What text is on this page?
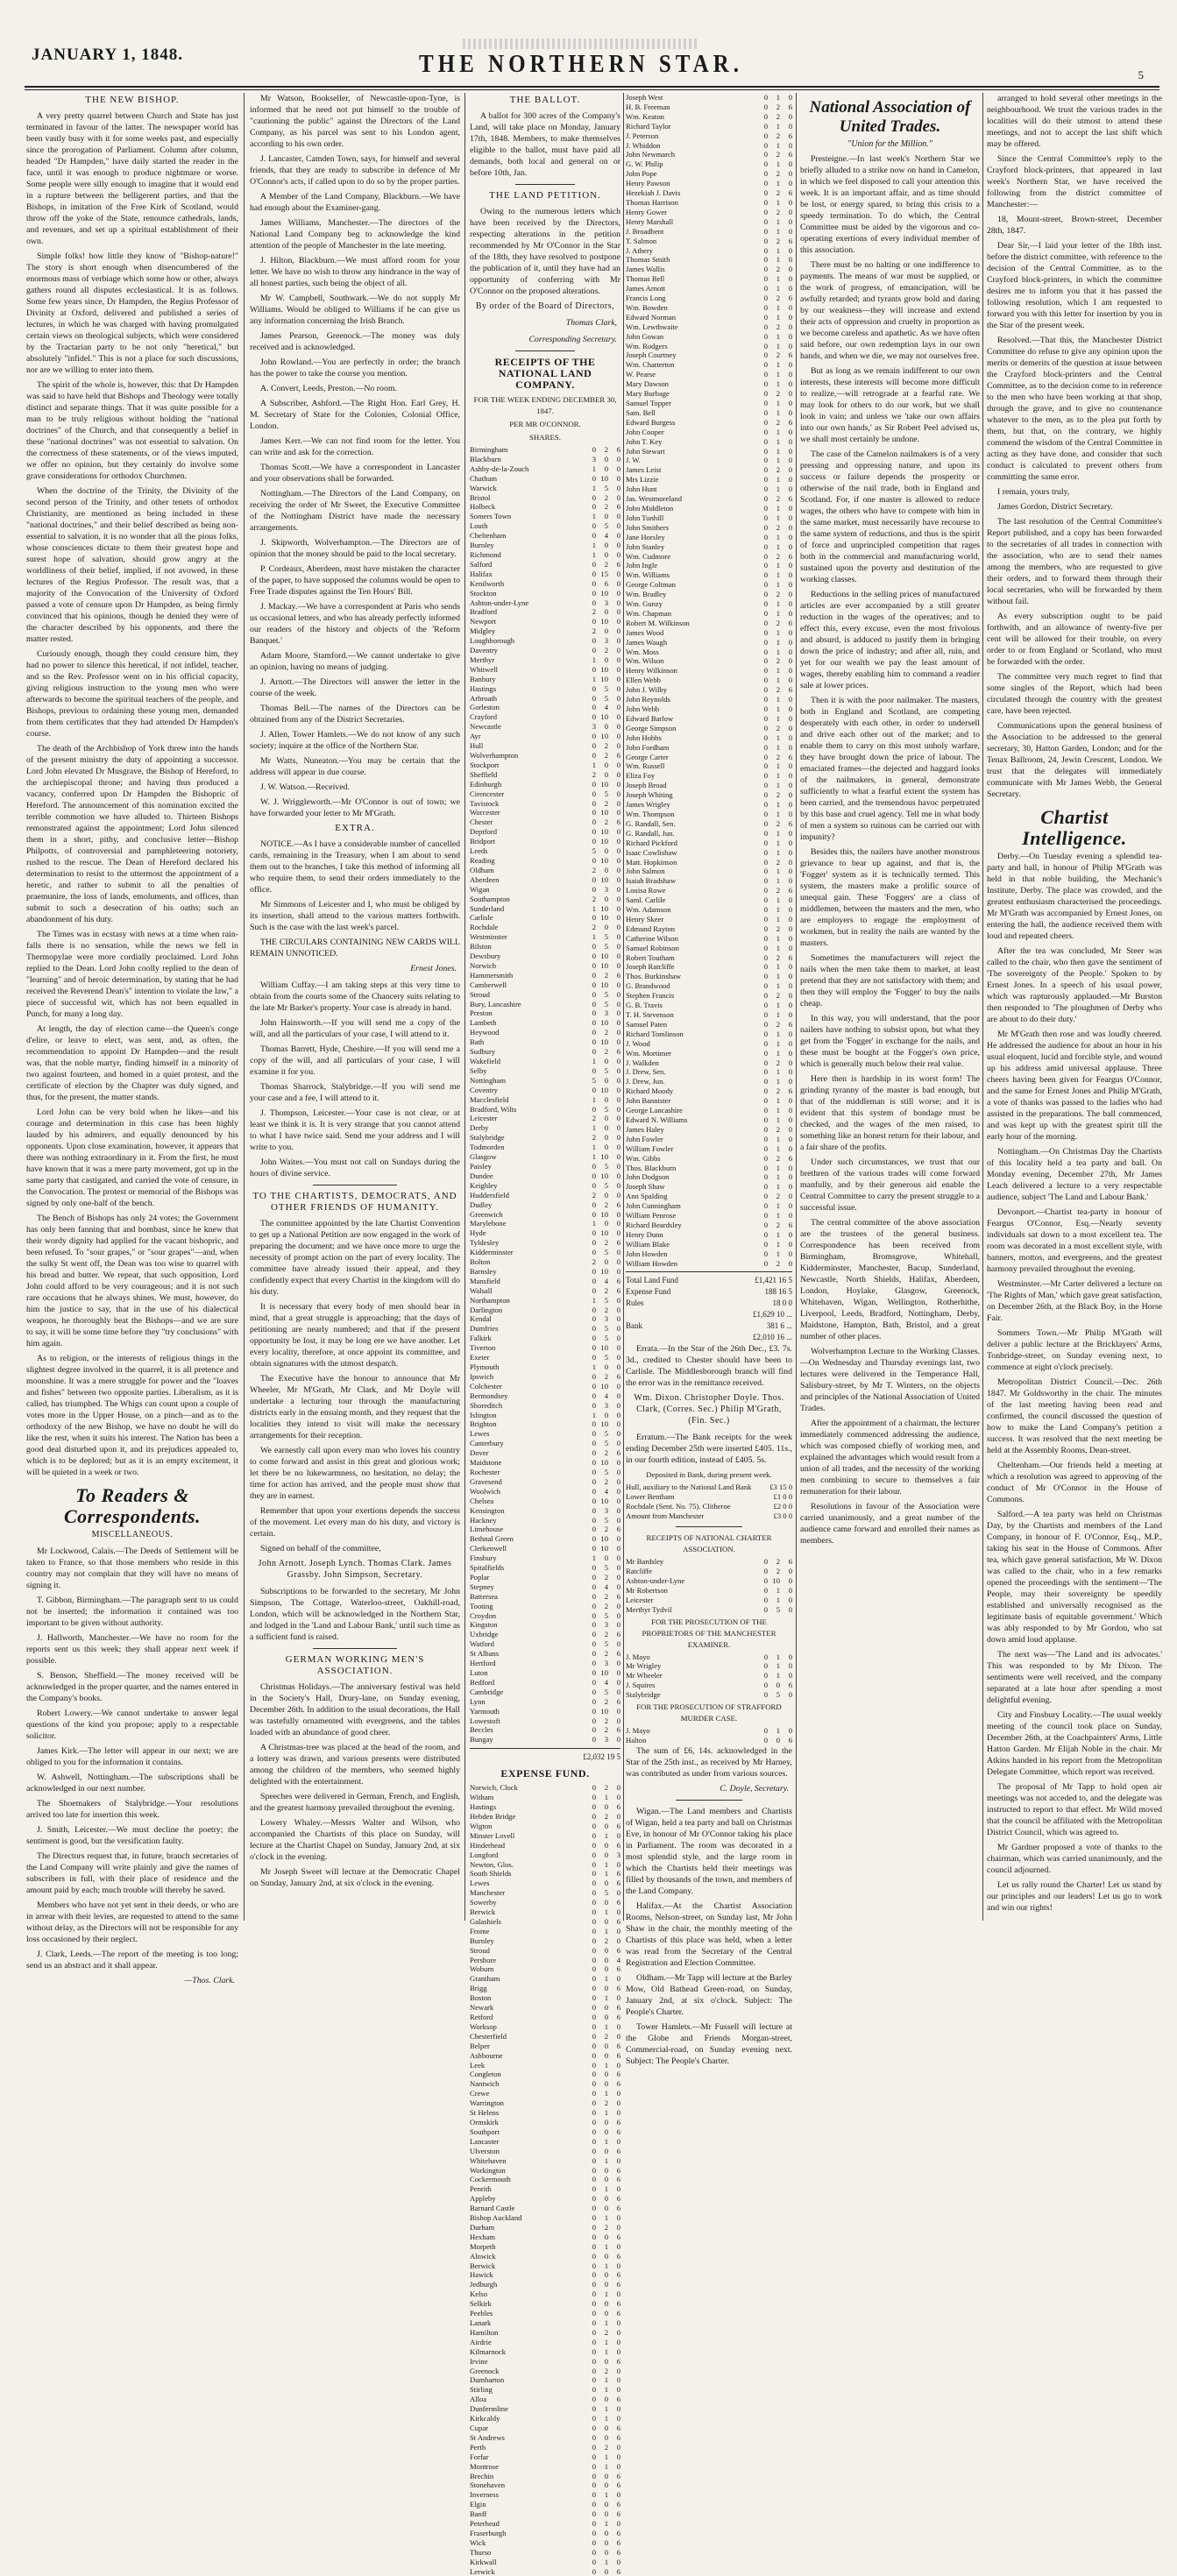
JANUARY 1, 1848.	THE NORTHERN STAR.	5
THE NEW BISHOP.

A very pretty quarrel between Church and State has just terminated in favour of the latter. The newspaper world has been vastly busy with it for some weeks past, and especially since the prorogation of Parliament. Column after column, headed "Dr Hampden," have daily started the reader in the face, until it was enough to produce nightmare or worse. Some people were silly enough to imagine that it would end in a rupture between the belligerent parties, and that the Bishops, in imitation of the Free Kirk of Scotland, would throw off the yoke of the State, renounce cathedrals, lands, and revenues, and set up a spiritual establishment of their own.

Simple folks! how little they know of "Bishop-nature!" The story is short enough when disencumbered of the enormous mass of verbiage which some how or other, always gathers round all disputes ecclesiastical. It is as follows. Some few years since, Dr Hampden, the Regius Professor of Divinity at Oxford, delivered and published a series of lectures, in which he was charged with having promulgated certain views on theological subjects, which were considered by the Tractarian party to be not only "heretical," but absolutely "infidel." This is not a place for such discussions, nor are we willing to enter into them.

The spirit of the whole is, however, this: that Dr Hampden was said to have held that Bishops and Theology were totally distinct and separate things. That it was quite possible for a man to be truly religious without holding the "national doctrines" of the Church, and that consequently a belief in these "national doctrines" was not essential to salvation. On the correctness of these statements, or of the views imputed, we offer no opinion, but they certainly do involve some grave considerations for orthodox Churchmen.

When the doctrine of the Trinity, the Divinity of the second person of the Trinity, and other tenets of orthodox Christianity, are mentioned as being included in these "national doctrines," and their belief described as being non-essential to salvation, it is no wonder that all the pious folks, whose consciences dictate to them their greatest hope and surest hope of salvation, should grow angry at the worldliness of their belief, implied, if not avowed, in these lectures of the Regius Professor. The result was, that a majority of the Convocation of the University of Oxford passed a vote of censure upon Dr Hampden, as being firmly convinced that his opinions, though he denied they were of the character described by his opponents, and there the matter rested.

Curiously enough, though they could censure him, they had no power to silence this heretical, if not infidel, teacher, and so the Rev. Professor went on in his official capacity, giving religious instruction to the young men who were afterwards to become the spiritual teachers of the people, and Bishops, previous to ordaining these young men, demanded from them certificates that they had attended Dr Hampden's course.

The death of the Archbishop of York threw into the hands of the present ministry the duty of appointing a successor. Lord John elevated Dr Musgrave, the Bishop of Hereford, to the archiepiscopal throne; and having thus produced a vacancy, conferred upon Dr Hampden the Bishopric of Hereford. The announcement of this nomination excited the terrible commotion we have alluded to. Thirteen Bishops remonstrated against the appointment; Lord John silenced them in a short, pithy, and conclusive letter—Bishop Philpotts, of controversial and pamphleteering notoriety, rushed to the rescue. The Dean of Hereford declared his determination to resist to the uttermost the appointment of a heretic, and rather to submit to all the penalties of praemunire, the loss of lands, emoluments, and offices, than submit to such a desecration of his oaths; such an abandonment of his duty.

The Times was in ecstasy with news at a time when rain-falls there is no sensation, while the news we fell in Thermopylae were more cordially proclaimed. Lord John replied to the Dean. Lord John coolly replied to the dean of "learning" and of heroic determination, by stating that he had received the Reverend Dean's" intention to violate the law," a piece of successful wit, which has not been equalled in Punch, for many a long day.

At length, the day of election came—the Queen's conge d'elire, or leave to elect, was sent, and, as often, the recommendation to appoint Dr Hampden—and the result was, that the noble martyr, finding himself in a minority of two against fourteen, and homed in a quiet protest, and the certificate of election by the Chapter was duly signed, and thus, for the present, the matter stands.

Lord John can be very bold when he likes—and his courage and determination in this case has been highly lauded by his admirers, and equally denounced by his opponents. Upon close examination, however, it appears that there was nothing extraordinary in it. From the first, he must have known that it was a mere party movement, got up in the same party that castigated, and carried the vote of censure, in the Convocation. The protest or memorial of the Bishops was signed by only one-half of the bench.

The Bench of Bishops has only 24 votes; the Government has only been fanning that and bombast, since he knew that their wordy dignity had applied for the vacant bishopric, and been refused. To "sour grapes," or "sour grapes"—and, when the sulky St went off, the Dean was too wise to quarrel with his bread and butter. We repeat, that such opposition, Lord John could afford to be very courageous; and it is not such rare occasions that he always shines. We must, however, do him the justice to say, that in the use of his dialectical weapons, he thoroughly beat the Bishops—and we are sure to say, it will be some time before they "try conclusions" with him again.

As to religion, or the interests of religious things in the slightest degree involved in the quarrel, it is all pretence and moonshine. It was a mere struggle for power and the "loaves and fishes" between two opposite parties. Liberalism, as it is called, has triumphed. The Whigs can count upon a couple of votes more in the Upper House, on a pinch—and as to the orthodoxy of the new Bishop, we have no doubt he will do like the rest, when it suits his interest. The Nation has been a good deal disturbed upon it, and its prejudices appealed to, which is to be deplored; but as it is an empty excitement, it will be quieted in a week or two.

To Readers & Correspondents.
MISCELLANEOUS.

Mr Lockwood, Calais.—The Deeds of Settlement will be taken to France, so that those members who reside in this country may not complain that they will have no means of signing it.

T. Gibbon, Birmingham.—The paragraph sent to us could not be inserted; the information it contained was too important to be given without authority.

J. Hallworth, Manchester.—We have no room for the reports sent us this week; they shall appear next week if possible.

S. Benson, Sheffield.—The money received will be acknowledged in the proper quarter, and the names entered in the Company's books.

Robert Lowery.—We cannot undertake to answer legal questions of the kind you propose; apply to a respectable solicitor.

James Kirk.—The letter will appear in our next; we are obliged to you for the information it contains.

W. Ashwell, Nottingham.—The subscriptions shall be acknowledged in our next number.

The Shoemakers of Stalybridge.—Your resolutions arrived too late for insertion this week.

J. Smith, Leicester.—We must decline the poetry; the sentiment is good, but the versification faulty.

The Directors request that, in future, branch secretaries of the Land Company will write plainly and give the names of subscribers in full, with their place of residence and the amount paid by each; much trouble will thereby be saved.

Members who have not yet sent in their deeds, or who are in arrear with their levies, are requested to attend to the same without delay, as the Directors will not be responsible for any loss occasioned by their neglect.

J. Clark, Leeds.—The report of the meeting is too long; send us an abstract and it shall appear.

—Thos. Clark.

Mr Watson, Bookseller, of Newcastle-upon-Tyne, is informed that he need not put himself to the trouble of "cautioning the public" against the Directors of the Land Company, as his parcel was sent to his London agent, according to his own order.

J. Lancaster, Camden Town, says, for himself and several friends, that they are ready to subscribe in defence of Mr O'Connor's acts, if called upon to do so by the proper parties.

A Member of the Land Company, Blackburn.—We have had enough about the Examiner-gang.

James Williams, Manchester.—The directors of the National Land Company beg to acknowledge the kind attention of the people of Manchester in the late meeting.

J. Hilton, Blackburn.—We must afford room for your letter. We have no wish to throw any hindrance in the way of all honest parties, such being the object of all.

Mr W. Campbell, Southwark.—We do not supply Mr Williams. Would be obliged to Williams if he can give us any information concerning the Irish Branch.

James Pearson, Greenock.—The money was duly received and is acknowledged.

John Rowland.—You are perfectly in order; the branch has the power to take the course you mention.

A. Convert, Leeds, Preston.—No room.

A Subscriber, Ashford.—The Right Hon. Earl Grey, H. M. Secretary of State for the Colonies, Colonial Office, London.

James Kerr.—We can not find room for the letter. You can write and ask for the correction.

Thomas Scott.—We have a correspondent in Lancaster and your observations shall be forwarded.

Nottingham.—The Directors of the Land Company, on receiving the order of Mr Sweet, the Executive Committee of the Nottingham District have made the necessary arrangements.

J. Skipworth, Wolverhampton.—The Directors are of opinion that the money should be paid to the local secretary.

P. Cordeaux, Aberdeen, must have mistaken the character of the paper, to have supposed the columns would be open to Free Trade disputes against the Ten Hours' Bill.

J. Mackay.—We have a correspondent at Paris who sends us occasional letters, and who has already perfectly informed our readers of the history and objects of the 'Reform Banquet.'

Adam Moore, Stamford.—We cannot undertake to give an opinion, having no means of judging.

J. Arnott.—The Directors will answer the letter in the course of the week.

Thomas Bell.—The names of the Directors can be obtained from any of the District Secretaries.

J. Allen, Tower Hamlets.—We do not know of any such society; inquire at the office of the Northern Star.

Mr Watts, Nuneaton.—You may be certain that the address will appear in due course.

J. W. Watson.—Received.

W. J. Wriggleworth.—Mr O'Connor is out of town; we have forwarded your letter to Mr M'Grath.

EXTRA.

NOTICE.—As I have a considerable number of cancelled cards, remaining in the Treasury, when I am about to send them out to the branches, I take this method of informing all who require them, to send their orders immediately to the office.

Mr Simmons of Leicester and I, who must be obliged by its insertion, shall attend to the various matters forthwith. Such is the case with the last week's parcel.

THE CIRCULARS CONTAINING NEW CARDS WILL REMAIN UNNOTICED.

Ernest Jones.

William Cuffay.—I am taking steps at this very time to obtain from the courts some of the Chancery suits relating to the late Mr Barker's property. Your case is already in hand.

John Hainsworth.—If you will send me a copy of the will, and all the particulars of your case, I will attend to it.

Thomas Barrett, Hyde, Cheshire.—If you will send me a copy of the will, and all particulars of your case, I will examine it for you.

Thomas Sharrock, Stalybridge.—If you will send me your case and a fee, I will attend to it.

J. Thompson, Leicester.—Your case is not clear, or at least we think it is. It is very strange that you cannot attend to what I have twice said. Send me your address and I will write to you.

John Waites.—You must not call on Sundays during the hours of divine service.

TO THE CHARTISTS, DEMOCRATS, AND OTHER FRIENDS OF HUMANITY.

The committee appointed by the late Chartist Convention to get up a National Petition are now engaged in the work of preparing the document; and we have once more to urge the necessity of prompt action on the part of every locality. The committee have already issued their appeal, and they confidently expect that every Chartist in the kingdom will do his duty.

It is necessary that every body of men should bear in mind, that a great struggle is approaching; that the days of petitioning are nearly numbered; and that if the present opportunity be lost, it may be long ere we have another. Let every locality, therefore, at once appoint its committee, and obtain signatures with the utmost despatch.

The Executive have the honour to announce that Mr Wheeler, Mr M'Grath, Mr Clark, and Mr Doyle will undertake a lecturing tour through the manufacturing districts early in the ensuing month, and they request that the localities they intend to visit will make the necessary arrangements for their reception.

We earnestly call upon every man who loves his country to come forward and assist in this great and glorious work; let there be no lukewarmness, no hesitation, no delay; the time for action has arrived, and the people must show that they are in earnest.

Remember that upon your exertions depends the success of the movement. Let every man do his duty, and victory is certain.

Signed on behalf of the committee,

John Arnott. Joseph Lynch. Thomas Clark. James Grassby. John Simpson, Secretary.

Subscriptions to be forwarded to the secretary, Mr John Simpson, The Cottage, Waterloo-street, Oakhill-road, London, which will be acknowledged in the Northern Star, and lodged in the 'Land and Labour Bank,' until such time as a sufficient fund is raised.

GERMAN WORKING MEN'S ASSOCIATION.

Christmas Holidays.—The anniversary festival was held in the Society's Hall, Drury-lane, on Sunday evening, December 26th. In addition to the usual decorations, the Hall was tastefully ornamented with evergreens, and the tables loaded with an abundance of good cheer.

A Christmas-tree was placed at the head of the room, and a lottery was drawn, and various presents were distributed among the children of the members, who seemed highly delighted with the entertainment.

Speeches were delivered in German, French, and English, and the greatest harmony prevailed throughout the evening.

Lowery Whaley.—Messrs Walter and Wilson, who accompanied the Chartists of this place on Sunday, will lecture at the Chartist Chapel on Sunday, January 2nd, at six o'clock in the evening.

Mr Joseph Sweet will lecture at the Democratic Chapel on Sunday, January 2nd, at six o'clock in the evening.

THE BALLOT.

A ballot for 300 acres of the Company's Land, will take place on Monday, January 17th, 1848. Members, to make themselves eligible to the ballot, must have paid all demands, both local and general on or before 10th, Jan.

THE LAND PETITION.

Owing to the numerous letters which have been received by the Directors, respecting alterations in the petition recommended by Mr O'Connor in the Star of the 18th, they have resolved to postpone the publication of it, until they have had an opportunity of conferring with Mr O'Connor on the proposed alterations.

By order of the Board of Directors,
Thomas Clark,
Corresponding Secretary.
RECEIPTS OF THE NATIONAL LAND COMPANY.
FOR THE WEEK ENDING DECEMBER 30, 1847.
PER MR O'CONNOR.
SHARES.
Birmingham	0	2	6
Blackburn	3	0	0
Ashby-de-la-Zouch	1	0	0
Chatham	0	10	0
Warwick	1	5	0
Bristol	0	2	0
Holbeck	0	2	6
Somers Town	1	0	0
Louth	0	5	0
Cheltenham	0	4	0
Burnley	1	0	0
Richmond	1	0	0
Salford	0	2	6
Halifax	0	15	0
Kenilworth	0	6	0
Stockton	0	10	0
Ashton-under-Lyne	0	3	0
Bradford	2	0	0
Newport	0	10	0
Midgley	2	0	0
Loughborough	0	3	0
Daventry	0	2	0
Merthyr	1	0	0
Whitwell	0	10	0
Banbury	1	10	0
Hastings	0	5	0
Arbroath	0	5	0
Gorleston	0	4	0
Crayford	0	10	0
Newcastle	3	0	0
Ayr	0	10	0
Hull	0	2	0
Wolverhampton	0	2	6
Stockport	1	0	0
Sheffield	2	0	0
Edinburgh	0	10	0
Cirencester	0	5	0
Tavistock	0	2	0
Worcester	0	10	0
Chester	0	2	6
Deptford	0	10	0
Bridport	0	10	0
Leeds	5	0	0
Reading	0	10	0
Oldham	2	0	0
Aberdeen	0	10	0
Wigan	0	3	0
Southampton	2	0	0
Sunderland	1	10	0
Carlisle	0	10	0
Rochdale	2	0	0
Westminster	1	5	0
Bilston	0	5	0
Dewsbury	0	10	0
Norwich	0	10	0
Hammersmith	0	2	6
Camberwell	0	10	0
Stroud	0	5	0
Bury, Lancashire	0	5	0
Preston	0	3	0
Lambeth	0	10	0
Heywood	0	2	0
Bath	0	10	0
Sudbury	0	2	6
Wakefield	1	0	0
Selby	0	5	0
Nottingham	5	0	0
Coventry	0	10	0
Macclesfield	1	0	0
Bradford, Wilts	0	5	0
Leicester	2	0	0
Derby	1	0	0
Stalybridge	2	0	0
Todmorden	1	0	0
Glasgow	1	10	0
Paisley	0	5	0
Dundee	0	10	0
Keighley	0	5	0
Huddersfield	2	0	0
Dudley	0	2	6
Greenwich	0	10	0
Marylebone	1	0	0
Hyde	0	10	0
Tyldesley	0	2	6
Kidderminster	0	5	0
Bolton	2	0	0
Barnsley	0	10	0
Mansfield	0	4	6
Walsall	0	2	6
Northampton	1	5	0
Darlington	0	2	0
Kendal	0	3	0
Dumfries	0	5	0
Falkirk	0	5	0
Tiverton	0	10	0
Exeter	0	5	0
Plymouth	1	0	0
Ipswich	0	2	6
Colchester	0	10	0
Bermondsey	0	4	0
Shoreditch	0	3	0
Islington	1	0	0
Brighton	0	10	0
Lewes	0	5	0
Canterbury	0	5	0
Dover	0	2	6
Maidstone	0	10	0
Rochester	0	5	0
Gravesend	0	2	0
Woolwich	0	4	0
Chelsea	0	10	0
Kensington	0	3	0
Hackney	0	5	0
Limehouse	0	2	6
Bethnal Green	0	10	0
Clerkenwell	0	10	0
Finsbury	1	0	0
Spitalfields	0	5	0
Poplar	0	2	0
Stepney	0	4	0
Battersea	0	2	6
Tooting	0	2	0
Croydon	0	5	0
Kingston	0	3	0
Uxbridge	0	2	6
Watford	0	5	0
St Albans	0	2	6
Hertford	0	3	0
Luton	0	10	0
Bedford	0	4	0
Cambridge	0	5	0
Lynn	0	2	6
Yarmouth	0	10	0
Lowestoft	0	2	0
Beccles	0	2	6
Bungay	0	3	0
£2,032 19 5
EXPENSE FUND.
Norwich, Clock	0	2	0
Witham	0	1	0
Hastings	0	0	6
Hebden Bridge	0	2	0
Wigton	0	0	6
Minster Lovell	0	1	0
Hinderhead	0	0	6
Longford	0	0	3
Newton, Glos.	0	1	0
South Shields	0	1	6
Lewes	0	0	6
Manchester	0	5	0
Sowerby	0	0	6
Berwick	0	1	0
Galashiels	0	0	6
Frome	0	1	0
Burnley	0	2	0
Stroud	0	0	6
Pershore	0	0	4
Woburn	0	0	6
Grantham	0	1	0
Brigg	0	0	6
Boston	0	1	0
Newark	0	0	6
Retford	0	0	6
Worksop	0	1	0
Chesterfield	0	2	0
Belper	0	0	6
Ashbourne	0	0	6
Leek	0	1	0
Congleton	0	0	6
Nantwich	0	0	6
Crewe	0	1	0
Warrington	0	2	0
St Helens	0	1	0
Ormskirk	0	0	6
Southport	0	0	6
Lancaster	0	1	0
Ulverston	0	0	6
Whitehaven	0	1	0
Workington	0	0	6
Cockermouth	0	0	6
Penrith	0	1	0
Appleby	0	0	6
Barnard Castle	0	0	6
Bishop Auckland	0	1	0
Durham	0	2	0
Hexham	0	0	6
Morpeth	0	1	0
Alnwick	0	0	6
Berwick	0	1	0
Hawick	0	0	6
Jedburgh	0	0	6
Kelso	0	1	0
Selkirk	0	0	6
Peebles	0	0	6
Lanark	0	1	0
Hamilton	0	2	0
Airdrie	0	1	0
Kilmarnock	0	1	0
Irvine	0	0	6
Greenock	0	2	0
Dumbarton	0	1	0
Stirling	0	1	0
Alloa	0	0	6
Dunfermline	0	1	0
Kirkcaldy	0	1	0
Cupar	0	0	6
St Andrews	0	0	6
Perth	0	2	0
Forfar	0	1	0
Montrose	0	1	0
Brechin	0	0	6
Stonehaven	0	0	6
Inverness	0	1	0
Elgin	0	0	6
Banff	0	0	6
Peterhead	0	1	0
Fraserburgh	0	0	6
Wick	0	0	6
Thurso	0	0	6
Kirkwall	0	1	0
Lerwick	0	0	6
Joseph West	0	1	0
H. B. Freeman	0	2	6
Wm. Keaton	0	2	0
Richard Taylor	0	1	0
J. Peterson	0	2	6
J. Whiddon	0	1	0
John Newmarch	0	2	6
G. W. Philip	0	1	0
John Pope	0	2	0
Henry Pawson	0	1	0
Hezekiah J. Davis	0	2	6
Thomas Harrison	0	1	0
Henry Gower	0	2	0
Henry Marshall	0	1	0
J. Broadbent	0	1	0
T. Salmon	0	2	6
J. Athery	0	1	0
Thomas Smith	0	1	0
James Wallis	0	2	0
Thomas Bell	0	1	0
James Arnott	0	1	0
Francis Long	0	2	6
Wm. Bowden	0	1	0
Edward Norman	0	1	0
Wm. Lewthwaite	0	2	0
John Gowan	0	1	0
Wm. Rodgers	0	1	0
Joseph Courtney	0	2	6
Wm. Chatterton	0	1	0
W. Pearse	0	1	0
Mary Dawson	0	1	0
Mary Burbage	0	2	0
Samuel Topper	0	1	0
Sam. Bell	0	1	0
Edward Burgess	0	2	6
John Cooper	0	1	0
John T. Key	0	1	0
John Stewart	0	1	0
J. W.	0	1	0
James Leist	0	2	0
Mrs Lizzie	0	1	0
John Hunt	0	1	0
Jas. Westmoreland	0	2	6
John Middleton	0	1	0
John Tunhill	0	1	0
John Smithers	0	2	0
Jane Horsley	0	1	0
John Stanley	0	1	0
Wm. Cudmore	0	2	6
John Ingle	0	1	0
Wm. Williams	0	1	0
George Coltman	0	1	0
Wm. Bradley	0	2	0
Wm. Gunzy	0	1	0
Wm. Chapman	0	1	0
Robert M. Wilkinson	0	2	6
James Wood	0	1	0
James Waugh	0	1	0
Wm. Moss	0	1	0
Wm. Wilson	0	2	0
Henry Wilkinson	0	1	0
Ellen Webb	0	1	0
John J. Wilby	0	2	6
John Reynolds	0	1	0
John Webb	0	1	0
Edward Barlow	0	1	0
George Simpson	0	2	0
John Hobbs	0	1	0
John Fordham	0	1	0
George Carter	0	2	6
Wm. Russell	0	1	0
Eliza Foy	0	1	0
Joseph Broad	0	1	0
Joseph Whiting	0	2	0
James Wrigley	0	1	0
Wm. Thompson	0	1	0
G. Randall, Sen.	0	2	6
G. Randall, Jun.	0	1	0
Richard Pickford	0	1	0
Isaac Cowlishaw	0	1	0
Matt. Hopkinson	0	2	0
John Salmon	0	1	0
Isaiah Bradshaw	0	1	0
Louisa Rowe	0	2	6
Saml. Carlile	0	1	0
Wm. Adamson	0	1	0
Henry Skeer	0	1	0
Edmund Rayton	0	2	0
Catherine Wilson	0	1	0
Samuel Robinson	0	1	0
Robert Toutham	0	2	6
Joseph Ratcliffe	0	1	0
Thos. Burkinshaw	0	1	0
G. Brandwood	0	1	0
Stephen Francis	0	2	0
G. B. Travis	0	1	0
T. H. Stevenson	0	1	0
Samuel Paten	0	2	6
Richard Tomlinson	0	1	0
J. Wood	0	1	0
Wm. Mortimer	0	1	0
J. Walkden	0	2	0
J. Drew, Sen.	0	1	0
J. Drew, Jun.	0	1	0
Richard Moody	0	2	6
John Bannister	0	1	0
George Lancashire	0	1	0
Edward N. Williams	0	1	0
James Haley	0	2	0
John Fowler	0	1	0
William Fowler	0	1	0
Wm. Gibbs	0	2	6
Thos. Blackburn	0	1	0
John Dodgson	0	1	0
Joseph Shaw	0	1	0
Ann Spalding	0	2	0
John Cunningham	0	1	0
William Penrose	0	1	0
Richard Beardsley	0	2	6
Henry Dunn	0	1	0
William Blake	0	1	0
John Howden	0	1	0
William Howden	0	2	0
Total Land Fund	£1,421 16 5
Expense Fund	188 16 5
Rules	18 0 0
£1,629 10 ...
Bank	381 6 ...
£2,010 16 ...

Errata.—In the Star of the 26th Dec., £3. 7s. 3d., credited to Chester should have been to Carlisle. The Middlesborough branch will find the error was in the remittance received.

Wm. Dixon. Christopher Doyle. Thos. Clark, (Corres. Sec.) Philip M'Grath, (Fin. Sec.)

Erratum.—The Bank receipts for the week ending December 25th were inserted £405. 11s., in our fourth edition, instead of £405. 5s.

Deposited in Bank, during present week.
Hull, auxiliary to the National Land Bank	£3 15 0
Lower Bentham	£1 0 0
Rochdale (Sent. No. 75). Clitheroe	£2 0 0
Amount from Manchester	£3 0 0
RECEIPTS OF NATIONAL CHARTER ASSOCIATION.
Mr Bardsley	0	2	6
Ratcliffe	0	2	0
Ashton-under-Lyne	0	10	0
Mr Robertson	0	1	0
Leicester	0	1	0
Merthyr Tydvil	0	5	0
FOR THE PROSECUTION OF THE PROPRIETORS OF THE MANCHESTER EXAMINER.
J. Mayo	0	1	0
Mr Wrigley	0	1	0
Mr Wheeler	0	1	0
J. Squires	0	0	6
Stalybridge	0	5	0
FOR THE PROSECUTION OF STRAFFORD MURDER CASE.
J. Mayo	0	1	0
Halton	0	0	6

The sum of £6, 14s. acknowledged in the Star of the 25th inst., as received by Mr Harney, was contributed as under from various sources.

C. Doyle, Secretary.

Wigan.—The Land members and Chartists of Wigan, held a tea party and ball on Christmas Eve, in honour of Mr O'Connor taking his place in Parliament. The room was decorated in a most splendid style, and the large room in which the Chartists held their meetings was filled by thousands of the town, and members of the Land Company.

Halifax.—At the Chartist Association Rooms, Nelson-street, on Sunday last, Mr John Shaw in the chair, the monthly meeting of the Chartists of this place was held, when a letter was read from the Secretary of the Central Registration and Election Committee.

Oldham.—Mr Tapp will lecture at the Barley Mow, Old Bathead Green-road, on Sunday, January 2nd, at six o'clock. Subject: The People's Charter.

Tower Hamlets.—Mr Fussell will lecture at the Globe and Friends Morgan-street, Commercial-road, on Sunday evening next. Subject: The People's Charter.

National Association of United Trades.
"Union for the Million."

Presteigne.—In last week's Northern Star we briefly alluded to a strike now on hand in Camelon, in which we feel disposed to call your attention this week. It is an important affair, and as time should be lost, or energy spared, to bring this crisis to a speedy termination. To do which, the Central Committee must be aided by the vigorous and co-operating exertions of every individual member of this association.

There must be no halting or one indifference to payments. The means of war must be supplied, or the work of progress, of emancipation, will be awfully retarded; and tyrants grow bold and daring by our weakness—they will increase and extend their acts of oppression and cruelty in proportion as we become careless and apathetic. As we have often said before, our own redemption lays in our own hands, and when we die, we may not ourselves free.

But as long as we remain indifferent to our own interests, these interests will become more difficult to realize,—will retrograde at a fearful rate. We may look for others to do our work, but we shall look in vain; and unless we 'take our own affairs into our own hands,' as Sir Robert Peel advised us, we shall most certainly be undone.

The case of the Camelon nailmakers is of a very pressing and oppressing nature, and upon its success or failure depends the prosperity or otherwise of the nail trade, both in England and Scotland. For, if one master is allowed to reduce wages, the others who have to compete with him in the same market, must necessarily have recourse to the same system of reductions, and thus is the spirit of force and unprincipled competition that rages both in the commercial and manufacturing world, sustained upon the poverty and destitution of the working classes.

Reductions in the selling prices of manufactured articles are ever accompanied by a still greater reduction in the wages of the operatives; and to effect this, every excuse, even the most frivolous and absurd, is adduced to justify them in bringing down the price of industry; and after all, ruin, and yet for our wealth we pay the least amount of wages, thereby enabling him to command a readier sale at lower prices.

Then it is with the poor nailmaker. The masters, both in England and Scotland, are competing desperately with each other, in order to undersell and drive each other out of the market; and to enable them to carry on this most unholy warfare, they have brought down the price of labour. The emaciated frames—the dejected and haggard looks of the nailmakers, in general, demonstrate sufficiently to what a fearful extent the system has been carried, and the tremendous havoc perpetrated by this base and cruel agency. Tell me in what body of men a system so ruinous can be carried out with impunity?

Besides this, the nailers have another monstrous grievance to bear up against, and that is, the 'Fogger' system as it is technically termed. This system, the masters make a prolific source of unequal gain. These 'Foggers' are a class of middlemen, between the masters and the men, who are employers to engage the employment of workmen, but in reality the nails are wanted by the masters.

Sometimes the manufacturers will reject the nails when the men take them to market, at least pretend that they are not satisfactory with them; and then they will employ the 'Fogger' to buy the nails cheap.

In this way, you will understand, that the poor nailers have nothing to subsist upon, but what they get from the 'Fogger' in exchange for the nails, and these must be bought at the Fogger's own price, which is generally much below their real value.

Here then is hardship in its worst form! The grinding tyranny of the master is bad enough, but that of the middleman is still worse; and it is evident that this system of bondage must be checked, and the wages of the men raised, to something like an honest return for their labour, and a fair share of the profits.

Under such circumstances, we trust that our brethren of the various trades will come forward manfully, and by their generous aid enable the Central Committee to carry the present struggle to a successful issue.

The central committee of the above association are the trustees of the general business. Correspondence has been received from Birmingham, Bromsgrove, Whitehall, Kidderminster, Manchester, Bacup, Sunderland, Newcastle, North Shields, Halifax, Aberdeen, London, Hoylake, Glasgow, Greenock, Whitehaven, Wigan, Wellington, Rotherhithe, Liverpool, Leeds, Bradford, Nottingham, Derby, Maidstone, Hampton, Bath, Bristol, and a great number of other places.

Wolverhampton Lecture to the Working Classes.—On Wednesday and Thursday evenings last, two lectures were delivered in the Temperance Hall, Salisbury-street, by Mr T. Winters, on the objects and principles of the National Association of United Trades.

After the appointment of a chairman, the lecturer immediately commenced addressing the audience, which was composed chiefly of working men, and explained the advantages which would result from a union of all trades, and the necessity of the working men combining to secure to themselves a fair remuneration for their labour.

Resolutions in favour of the Association were carried unanimously, and a great number of the audience came forward and enrolled their names as members.

arranged to hold several other meetings in the neighbourhood. We trust the various trades in the localities will do their utmost to attend these meetings, and not to accept the last shift which may be offered.

Since the Central Committee's reply to the Crayford block-printers, that appeared in last week's Northern Star, we have received the following from the district committee of Manchester:—

18, Mount-street, Brown-street, December 28th, 1847.

Dear Sir,—I laid your letter of the 18th inst. before the district committee, with reference to the decision of the Central Committee, as to the Crayford block-printers, in which the committee desires me to inform you that it has passed the following resolution, which I am requested to forward you with this letter for insertion by you in the Star of the present week.

Resolved.—That this, the Manchester District Committee do refuse to give any opinion upon the merits or demerits of the question at issue between the Crayford block-printers and the Central Committee, as to the decision come to in reference to the men who have been working at that shop, through the grave, and to give no countenance whatever to the men, as to the plea put forth by them, but that, on the contrary, we highly commend the wisdom of the Central Committee in acting as they have done, and consider that such conduct is calculated to prevent others from committing the same error.

I remain, yours truly,

James Gordon, District Secretary.

The last resolution of the Central Committee's Report published, and a copy has been forwarded to the secretaries of all trades in connection with the association, who are to send their names among the members, who are requested to give their orders, and to forward them through their local secretaries, who will be forwarded by them without fail.

As every subscription ought to be paid forthwith, and an allowance of twenty-five per cent will be allowed for their trouble, on every order to or from England or Scotland, who must be forwarded with the order.

The committee very much regret to find that some singles of the Report, which had been circulated through the country with the greatest care, have been rejected.

Communications upon the general business of the Association to be addressed to the general secretary, 30, Hatton Garden, London; and for the Tenax Ballroom, 24, Jewin Crescent, London. We trust that the delegates will immediately communicate with Mr James Webb, the General Secretary.

Chartist Intelligence.

Derby.—On Tuesday evening a splendid tea-party and ball, in honour of Philip M'Grath was held in that noble building, the Mechanic's Institute, Derby. The place was crowded, and the greatest enthusiasm characterised the proceedings. Mr M'Grath was accompanied by Ernest Jones, on entering the hall, the audience received them with loud and repeated cheers.

After the tea was concluded, Mr Steer was called to the chair, who then gave the sentiment of 'The sovereignty of the People.' Spoken to by Ernest Jones. In a speech of his usual power, which was rapturously applauded.—Mr Burston then responded to 'The ploughmen of Derby who are about to do their duty.'

Mr M'Grath then rose and was loudly cheered. He addressed the audience for about an hour in his usual eloquent, lucid and forcible style, and wound up his address amid universal applause. Three cheers having been given for Feargus O'Connor, and the same for Ernest Jones and Philip M'Grath, a vote of thanks was passed to the ladies who had assisted in the preparations. The ball commenced, and was kept up with the greatest spirit till the early hour of the morning.

Nottingham.—On Christmas Day the Chartists of this locality held a tea party and ball. On Monday evening, December 27th, Mr James Leach delivered a lecture to a very respectable audience, subject 'The Land and Labour Bank.'

Devonport.—Chartist tea-party in honour of Feargus O'Connor, Esq.—Nearly seventy individuals sat down to a most excellent tea. The room was decorated in a most excellent style, with banners, mottos, and evergreens, and the greatest harmony prevailed throughout the evening.

Westminster.—Mr Carter delivered a lecture on 'The Rights of Man,' which gave great satisfaction, on December 26th, at the Black Boy, in the Horse Fair.

Sommers Town.—Mr Philip M'Grath will deliver a public lecture at the Bricklayers' Arms, Tonbridge-street, on Sunday evening next, to commence at eight o'clock precisely.

Metropolitan District Council.—Dec. 26th 1847. Mr Goldsworthy in the chair. The minutes of the last meeting having been read and confirmed, the council discussed the question of how to make the Land Company's petition a success. It was resolved that the next meeting be held at the Assembly Rooms, Dean-street.

Cheltenham.—Our friends held a meeting at which a resolution was agreed to approving of the conduct of Mr O'Connor in the House of Commons.

Salford.—A tea party was held on Christmas Day, by the Chartists and members of the Land Company, in honour of F. O'Connor, Esq., M.P., taking his seat in the House of Commons. After tea, which gave general satisfaction, Mr W. Dixon was called to the chair, who in a few remarks opened the proceedings with the sentiment—'The People, may their sovereignty be speedily established and universally recognised as the legitimate basis of equitable government.' Which was ably responded to by Mr Gordon, who sat down amid loud applause.

The next was—'The Land and its advocates.' This was responded to by Mr Dixon. The sentiments were well received, and the company separated at a late hour after spending a most delightful evening.

City and Finsbury Locality.—The usual weekly meeting of the council took place on Sunday, December 26th, at the Coachpainters' Arms, Little Hatton Garden. Mr Elijah Noble in the chair. Mr Atkins handed in his report from the Metropolitan Delegate Committee, which report was received.

The proposal of Mr Tapp to hold open air meetings was not acceded to, and the delegate was instructed to report to that effect. Mr Wild moved that the council be affiliated with the Metropolitan District Council, which was agreed to.

Mr Gardner proposed a vote of thanks to the chairman, which was carried unanimously, and the council adjourned.

Let us rally round the Charter! Let us stand by our principles and our leaders! Let us go to work and win our rights!
